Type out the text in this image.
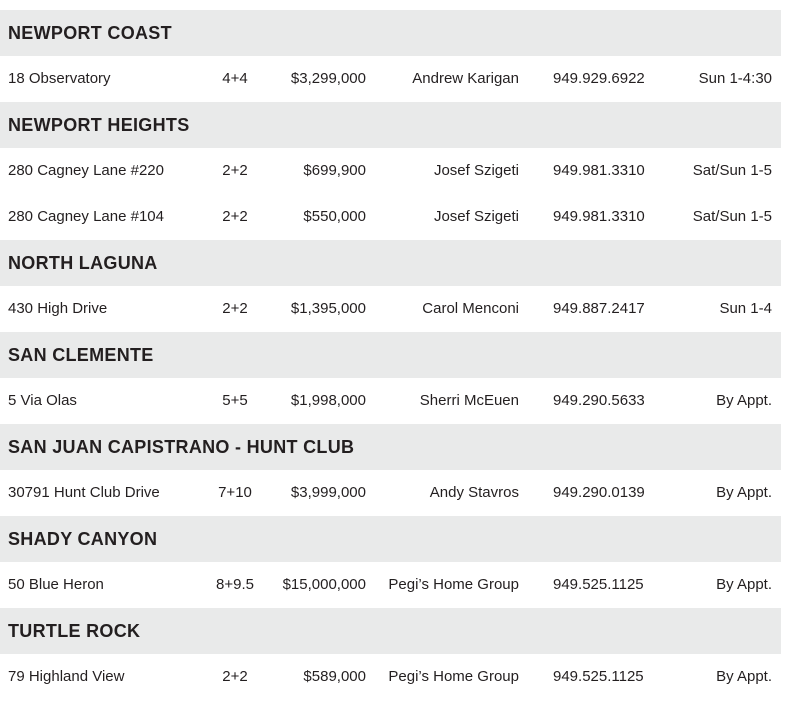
NEWPORT COAST
18 Observatory	4+4	$3,299,000	Andrew Karigan 949.929.6922	Sun 1-4:30
NEWPORT HEIGHTS
280 Cagney Lane #220	2+2	$699,900	Josef Szigeti 949.981.3310	Sat/Sun 1-5
280 Cagney Lane #104	2+2	$550,000	Josef Szigeti 949.981.3310	Sat/Sun 1-5
NORTH LAGUNA
430 High Drive	2+2	$1,395,000	Carol Menconi 949.887.2417	Sun 1-4
SAN CLEMENTE
5 Via Olas	5+5	$1,998,000	Sherri McEuen 949.290.5633	By Appt.
SAN JUAN CAPISTRANO - HUNT CLUB
30791 Hunt Club Drive	7+10	$3,999,000	Andy Stavros 949.290.0139	By Appt.
SHADY CANYON
50 Blue Heron	8+9.5	$15,000,000 Pegi’s Home Group 949.525.1125	By Appt.
TURTLE ROCK
79 Highland View	2+2	$589,000 Pegi’s Home Group 949.525.1125	By Appt.
